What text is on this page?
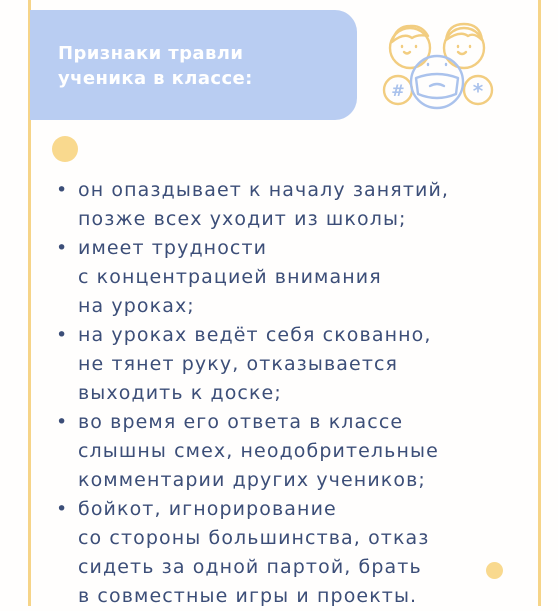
Признаки травли
ученика в классе:
#	*
• он опаздывает к началу занятий,
позже всех уходит из школы;
• имеет трудности
с концентрацией внимания
на уроках;
• на уроках ведёт себя скованно,
не тянет руку, отказывается
выходить к доске;
• во время его ответа в классе
слышны смех, неодобрительные
комментарии других учеников;
• бойкот, игнорирование
со стороны большинства, отказ
сидеть за одной партой, брать
в совместные игры и проекты.
